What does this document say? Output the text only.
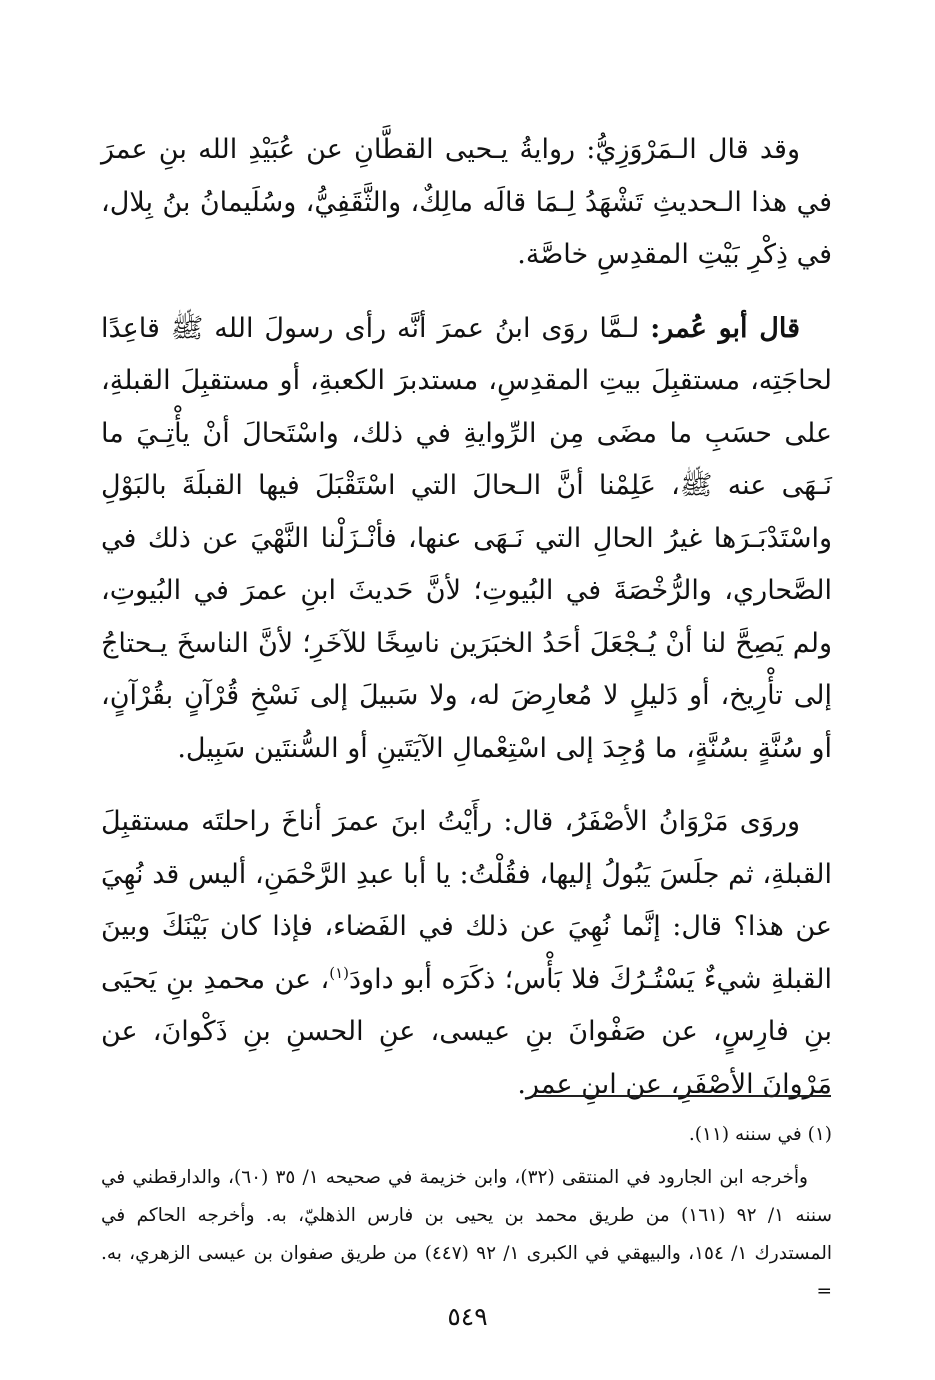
وقد قال الـمَرْوَزِيُّ: روايةُ يـحيى القطَّانِ عن عُبَيْدِ الله بنِ عمرَ في هذا الـحديثِ تَشْهَدُ لِـمَا قالَه مالِكٌ، والثَّقَفِيُّ، وسُلَيمانُ بنُ بِلال، في ذِكْرِ بَيْتِ المقدِسِ خاصَّة.

قال أبو عُمر: لـمَّا روَى ابنُ عمرَ أنَّه رأى رسولَ الله ﷺ قاعِدًا لحاجَتِه، مستقبِلَ بيتِ المقدِسِ، مستدبرَ الكعبةِ، أو مستقبِلَ القبلةِ، على حسَبِ ما مضَى مِن الرِّوايةِ في ذلك، واسْتَحالَ أنْ يأْتِـيَ ما نَـهَى عنه ﷺ، عَلِمْنا أنَّ الـحالَ التي اسْتَقْبَلَ فيها القبلَةَ بالبَوْلِ واسْتَدْبَـرَها غيرُ الحالِ التي نَـهَى عنها، فأنْـزَلْنا النَّهْيَ عن ذلك في الصَّحاري، والرُّخْصَةَ في البُيوتِ؛ لأنَّ حَديثَ ابنِ عمرَ في البُيوتِ، ولم يَصِحَّ لنا أنْ يُـجْعَلَ أحَدُ الخبَرَين ناسِخًا للآخَرِ؛ لأنَّ الناسخَ يـحتاجُ إلى تأْرِيخ، أو دَليلٍ لا مُعارِضَ له، ولا سَبيلَ إلى نَسْخِ قُرْآنٍ بقُرْآنٍ، أو سُنَّةٍ بسُنَّةٍ، ما وُجِدَ إلى اسْتِعْمالِ الآيَتَينِ أو السُّنتَين سَبِيل.

وروَى مَرْوَانُ الأصْفَرُ، قال: رأَيْتُ ابنَ عمرَ أناخَ راحلتَه مستقبِلَ القبلةِ، ثم جلَسَ يَبُولُ إليها، فقُلْتُ: يا أبا عبدِ الرَّحْمَنِ، أليس قد نُهِيَ عن هذا؟ قال: إنَّما نُهِيَ عن ذلك في الفَضاء، فإذا كان بَيْنَكَ وبينَ القبلةِ شيءٌ يَسْتُـرُكَ فلا بَأْس؛ ذكَرَه أبو داودَ$^{(١)}$، عن محمدِ بنِ يَحيَى بنِ فارِسٍ، عن صَفْوانَ بنِ عيسى، عنِ الحسنِ بنِ ذَكْوانَ، عن مَرْوانَ الأصْفَرِ، عن ابنِ عمر.

(١) في سننه (١١).

وأخرجه ابن الجارود في المنتقى (٣٢)، وابن خزيمة في صحيحه ١/ ٣٥ (٦٠)، والدارقطني في سننه ١/ ٩٢ (١٦١) من طريق محمد بن يحيى بن فارس الذهليّ، به. وأخرجه الحاكم في المستدرك ١/ ١٥٤، والبيهقي في الكبرى ١/ ٩٢ (٤٤٧) من طريق صفوان بن عيسى الزهري، به. =

٥٤٩
